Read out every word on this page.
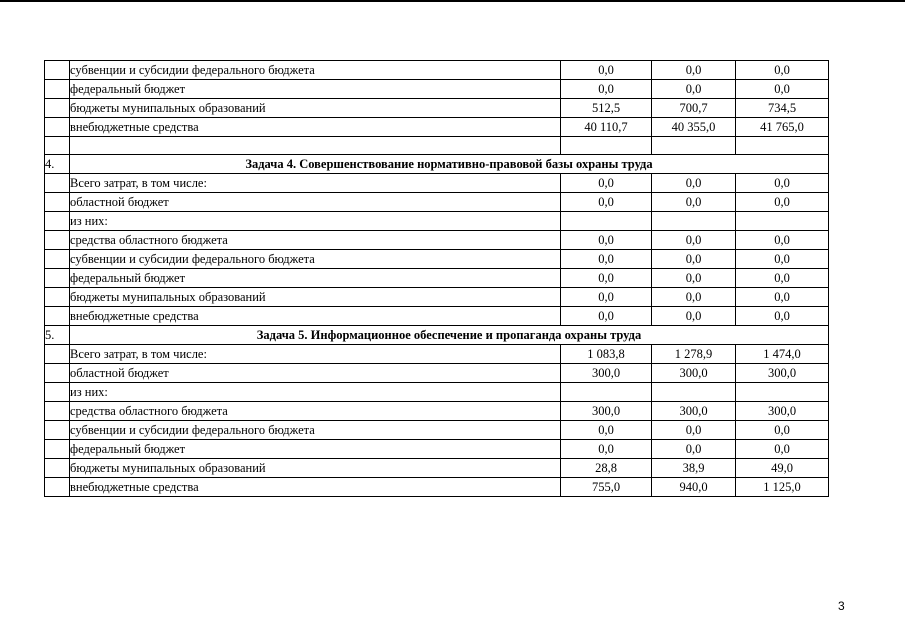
	субвенции и субсидии федерального бюджета	0,0	0,0	0,0
	федеральный бюджет	0,0	0,0	0,0
	бюджеты мунипальных образований	512,5	700,7	734,5
	внебюджетные средства	40 110,7	40 355,0	41 765,0

4.	Задача 4. Совершенствование нормативно-правовой базы охраны труда			
	Всего затрат, в том числе:	0,0	0,0	0,0
	областной бюджет	0,0	0,0	0,0
	из них:			
	средства областного бюджета	0,0	0,0	0,0
	субвенции и субсидии федерального бюджета	0,0	0,0	0,0
	федеральный бюджет	0,0	0,0	0,0
	бюджеты мунипальных образований	0,0	0,0	0,0
	внебюджетные средства	0,0	0,0	0,0
5.	Задача 5. Информационное обеспечение и пропаганда охраны труда			
	Всего затрат, в том числе:	1 083,8	1 278,9	1 474,0
	областной бюджет	300,0	300,0	300,0
	из них:			
	средства областного бюджета	300,0	300,0	300,0
	субвенции и субсидии федерального бюджета	0,0	0,0	0,0
	федеральный бюджет	0,0	0,0	0,0
	бюджеты мунипальных образований	28,8	38,9	49,0
	внебюджетные средства	755,0	940,0	1 125,0
3
